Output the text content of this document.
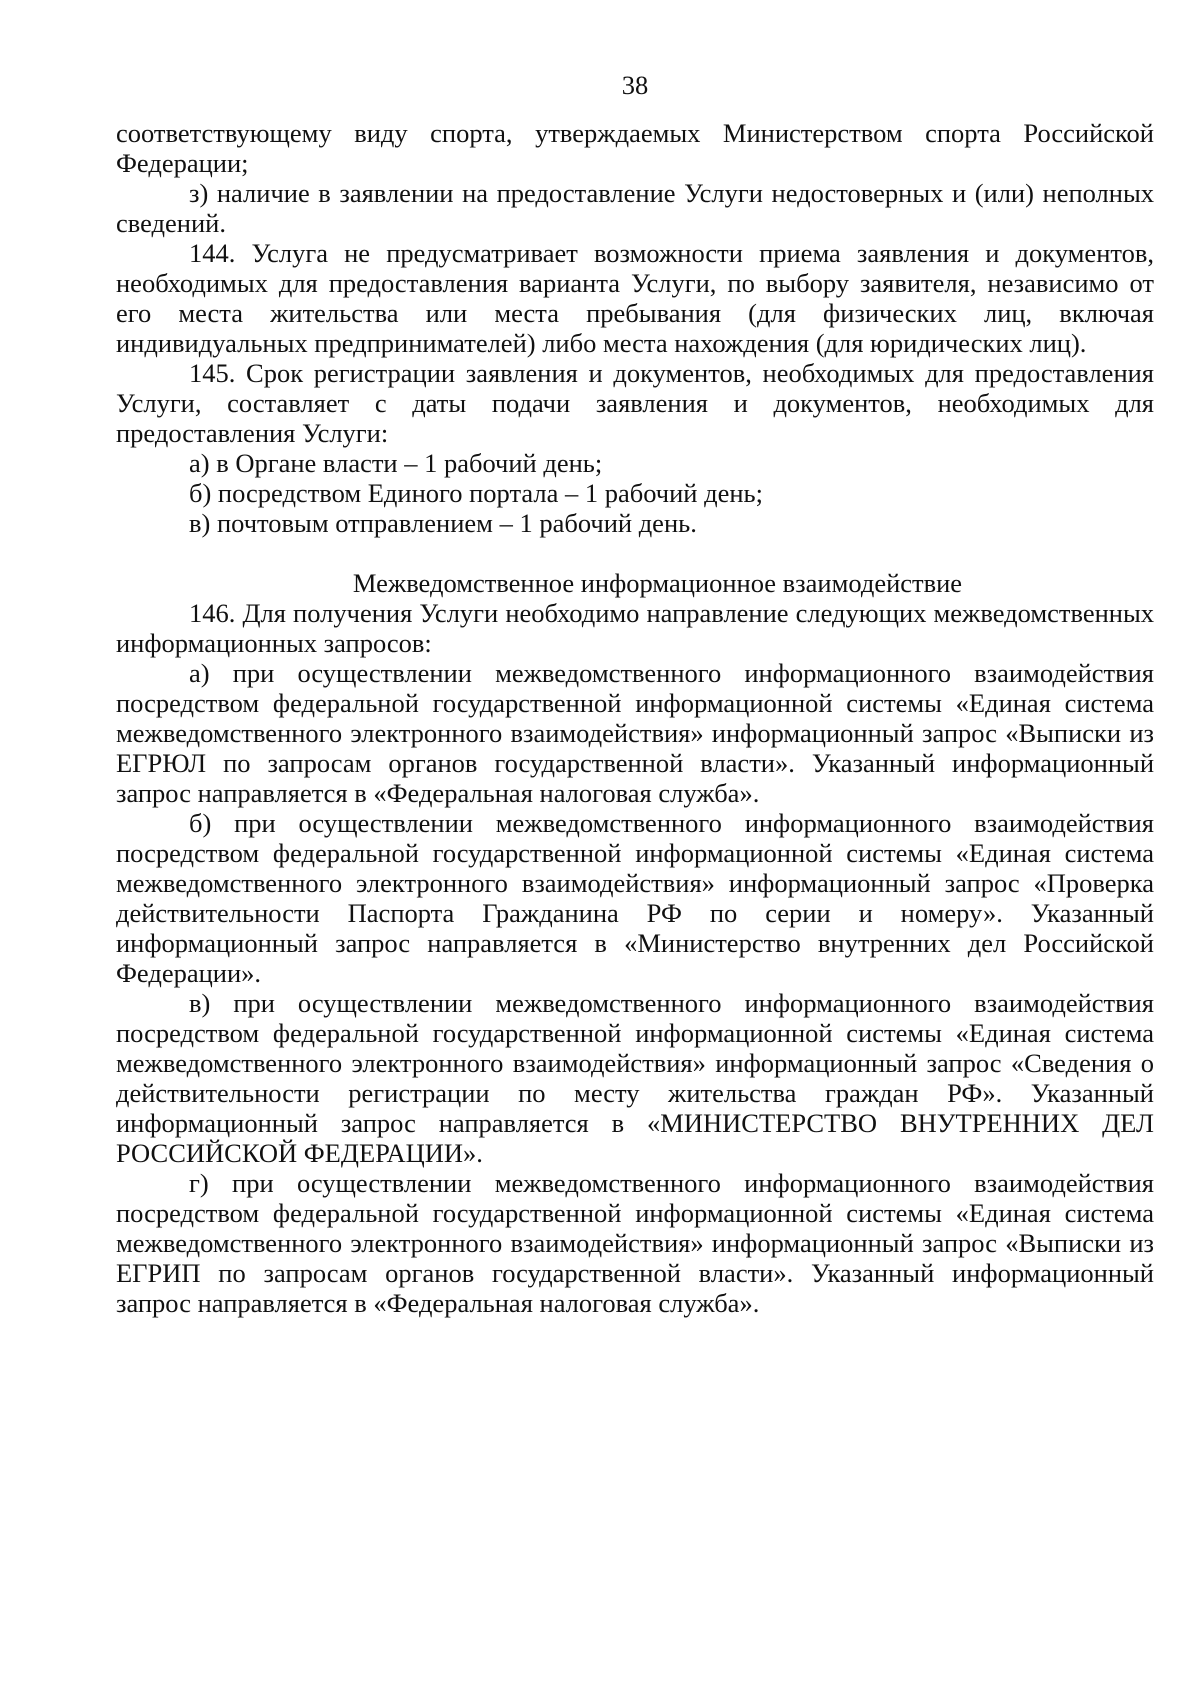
38

соответствующему виду спорта, утверждаемых Министерством спорта Российской Федерации;

з) наличие в заявлении на предоставление Услуги недостоверных и (или) неполных сведений.

144. Услуга не предусматривает возможности приема заявления и документов, необходимых для предоставления варианта Услуги, по выбору заявителя, независимо от его места жительства или места пребывания (для физических лиц, включая индивидуальных предпринимателей) либо места нахождения (для юридических лиц).

145. Срок регистрации заявления и документов, необходимых для предоставления Услуги, составляет с даты подачи заявления и документов, необходимых для предоставления Услуги:

а) в Органе власти – 1 рабочий день;

б) посредством Единого портала – 1 рабочий день;

в) почтовым отправлением – 1 рабочий день.

Межведомственное информационное взаимодействие

146. Для получения Услуги необходимо направление следующих межведомственных информационных запросов:

а) при осуществлении межведомственного информационного взаимодействия посредством федеральной государственной информационной системы «Единая система межведомственного электронного взаимодействия» информационный запрос «Выписки из ЕГРЮЛ по запросам органов государственной власти». Указанный информационный запрос направляется в «Федеральная налоговая служба».

б) при осуществлении межведомственного информационного взаимодействия посредством федеральной государственной информационной системы «Единая система межведомственного электронного взаимодействия» информационный запрос «Проверка действительности Паспорта Гражданина РФ по серии и номеру». Указанный информационный запрос направляется в «Министерство внутренних дел Российской Федерации».

в) при осуществлении межведомственного информационного взаимодействия посредством федеральной государственной информационной системы «Единая система межведомственного электронного взаимодействия» информационный запрос «Сведения о действительности регистрации по месту жительства граждан РФ». Указанный информационный запрос направляется в «МИНИСТЕРСТВО ВНУТРЕННИХ ДЕЛ РОССИЙСКОЙ ФЕДЕРАЦИИ».

г) при осуществлении межведомственного информационного взаимодействия посредством федеральной государственной информационной системы «Единая система межведомственного электронного взаимодействия» информационный запрос «Выписки из ЕГРИП по запросам органов государственной власти». Указанный информационный запрос направляется в «Федеральная налоговая служба».
